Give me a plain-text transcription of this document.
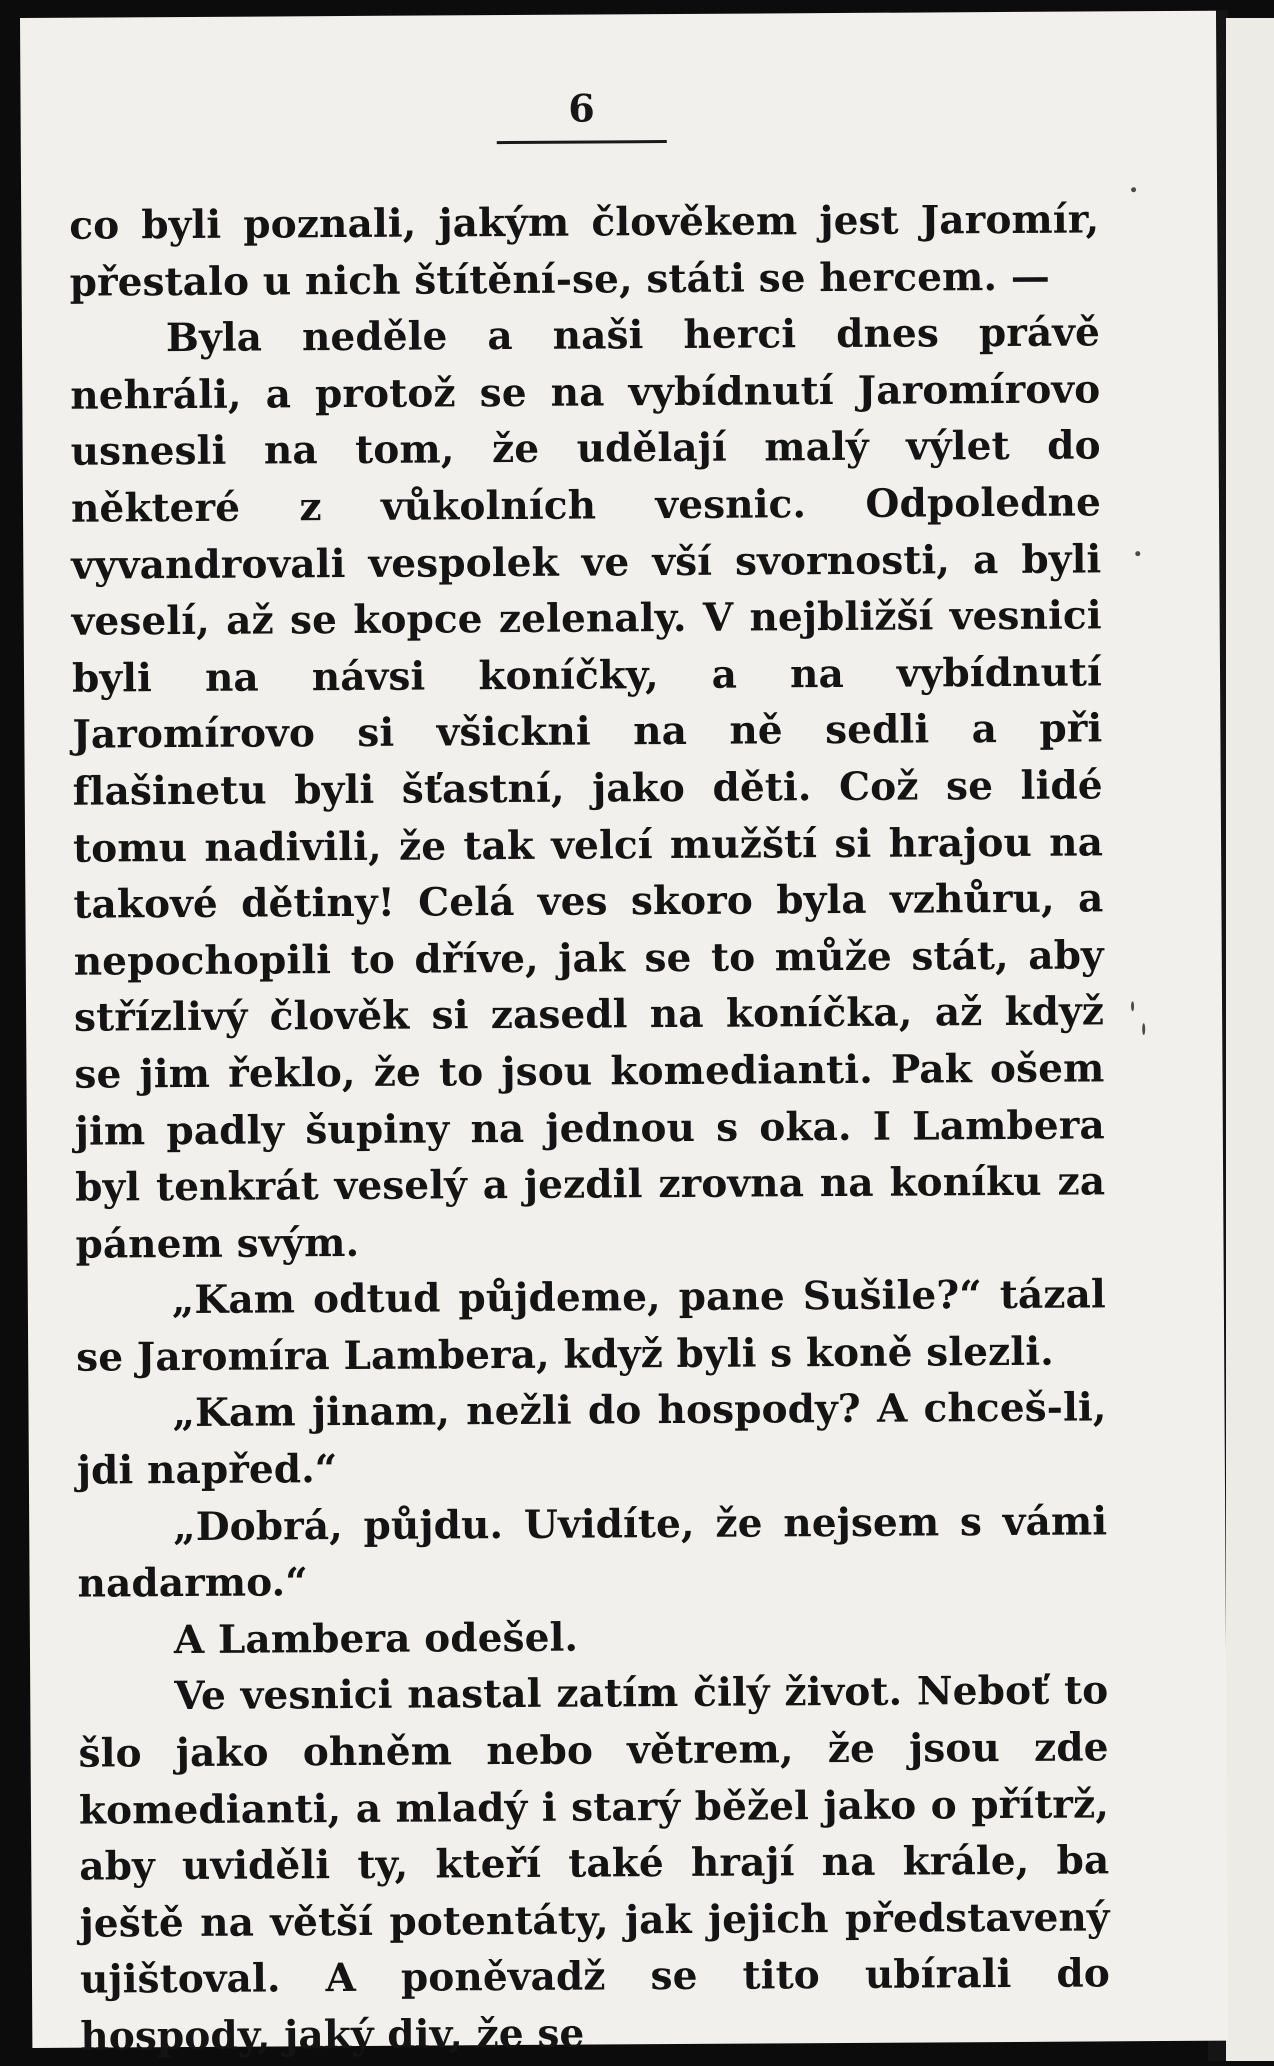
6

co byli poznali, jakým člověkem jest Jaromír, přestalo u nich štítění-se, státi se hercem. —

Byla neděle a naši herci dnes právě nehráli, a protož se na vybídnutí Jaromírovo usnesli na tom, že udělají malý výlet do některé z vůkolních vesnic. Odpoledne vyvandrovali vespolek ve vší svornosti, a byli veselí, až se kopce zelenaly. V nejbližší vesnici byli na návsi koníčky, a na vybídnutí Jaromírovo si všickni na ně sedli a při flašinetu byli šťastní, jako děti. Což se lidé tomu nadivili, že tak velcí mužští si hrajou na takové dětiny! Celá ves skoro byla vzhůru, a nepochopili to dříve, jak se to může stát, aby střízlivý člověk si zasedl na koníčka, až když se jim řeklo, že to jsou komedianti. Pak ošem jim padly šupiny na jednou s oka. I Lambera byl tenkrát veselý a jezdil zrovna na koníku za pánem svým.

„Kam odtud půjdeme, pane Sušile?“ tázal se Jaromíra Lambera, když byli s koně slezli.

„Kam jinam, nežli do hospody? A chceš-li, jdi napřed.“

„Dobrá, půjdu. Uvidíte, že nejsem s vámi nadarmo.“

A Lambera odešel.

Ve vesnici nastal zatím čilý život. Neboť to šlo jako ohněm nebo větrem, že jsou zde komedianti, a mladý i starý běžel jako o přítrž, aby uviděli ty, kteří také hrají na krále, ba ještě na větší potentáty, jak jejich představený ujištoval. A poněvadž se tito ubírali do hospody, jaký div, že se
